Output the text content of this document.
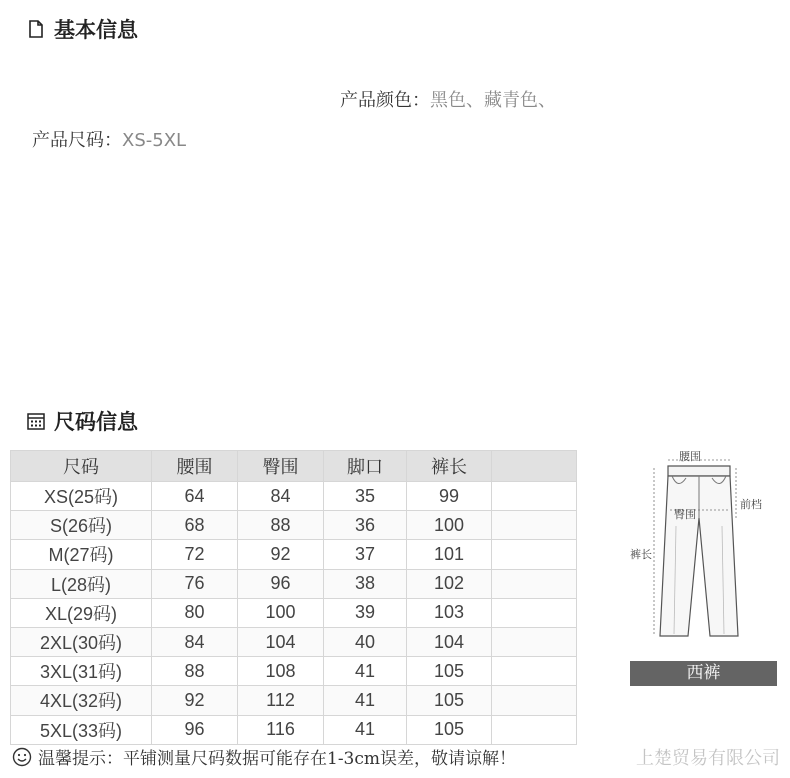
基本信息
产品颜色：黑色、藏青色、
产品尺码：XS-5XL
尺码信息
尺码	腰围	臀围	脚口	裤长	
XS(25码)	64	84	35	99	
S(26码)	68	88	36	100	
M(27码)	72	92	37	101	
L(28码)	76	96	38	102	
XL(29码)	80	100	39	103	
2XL(30码)	84	104	40	104	
3XL(31码)	88	108	41	105	
4XL(32码)	92	112	41	105	
5XL(33码)	96	116	41	105	
腰围
前档
臀围
裤长
西裤
温馨提示：平铺测量尺码数据可能存在1-3cm误差，敬请谅解！	上楚贸易有限公司
